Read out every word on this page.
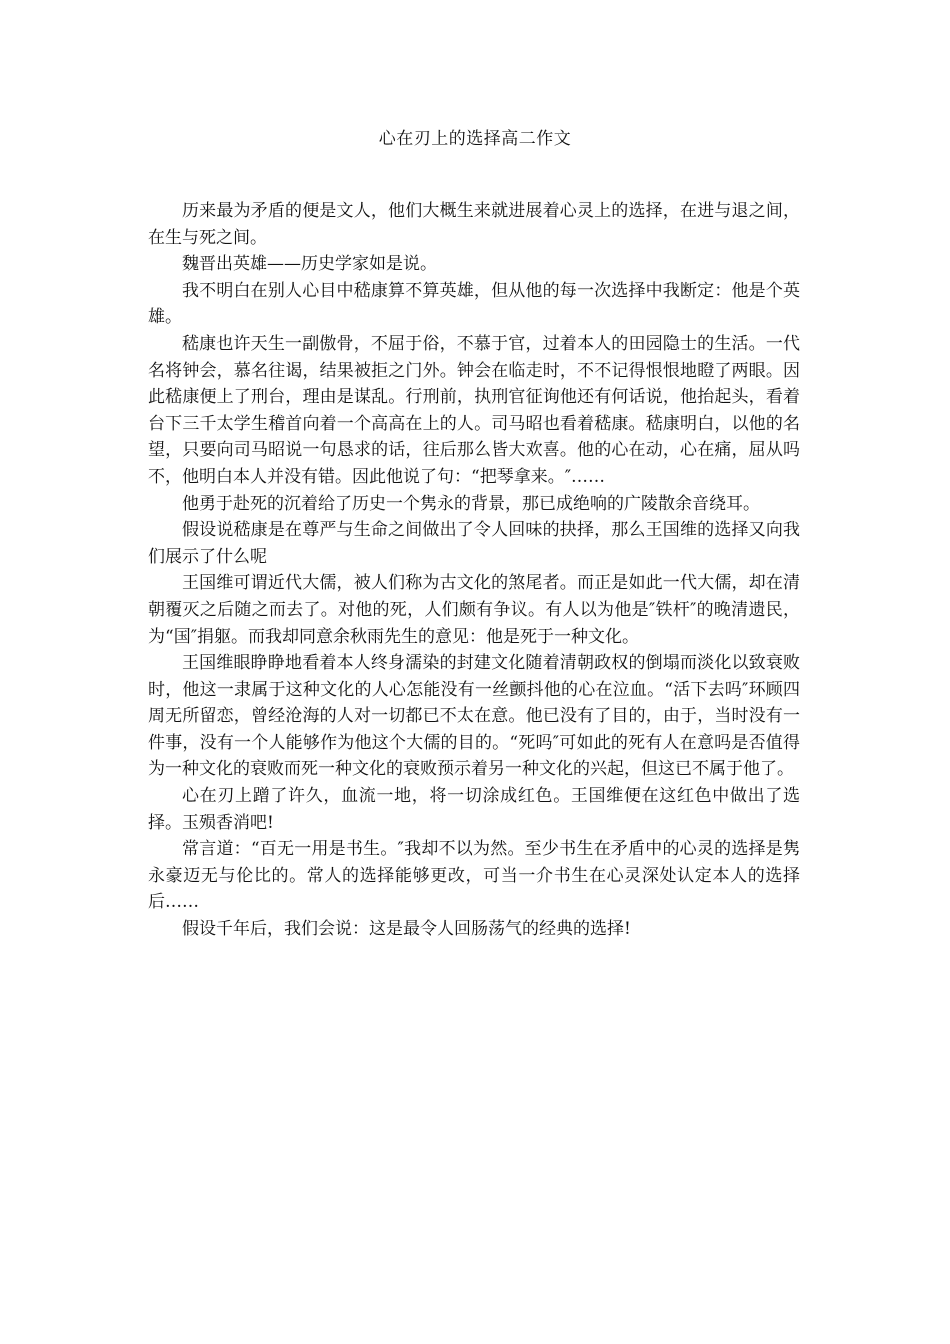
心在刃上的选择高二作文

历来最为矛盾的便是文人，他们大概生来就进展着心灵上的选择，在进与退之间，在生与死之间。

魏晋出英雄——历史学家如是说。

我不明白在别人心目中嵇康算不算英雄，但从他的每一次选择中我断定：他是个英雄。

嵇康也许天生一副傲骨，不屈于俗，不慕于官，过着本人的田园隐士的生活。一代名将钟会，慕名往谒，结果被拒之门外。钟会在临走时，不不记得恨恨地瞪了两眼。因此嵇康便上了刑台，理由是谋乱。行刑前，执刑官征询他还有何话说，他抬起头，看着台下三千太学生稽首向着一个高高在上的人。司马昭也看着嵇康。嵇康明白，以他的名望，只要向司马昭说一句恳求的话，往后那么皆大欢喜。他的心在动，心在痛，屈从吗不，他明白本人并没有错。因此他说了句：“把琴拿来。″……

他勇于赴死的沉着给了历史一个隽永的背景，那已成绝响的广陵散余音绕耳。

假设说嵇康是在尊严与生命之间做出了令人回味的抉择，那么王国维的选择又向我们展示了什么呢

王国维可谓近代大儒，被人们称为古文化的煞尾者。而正是如此一代大儒，却在清朝覆灭之后随之而去了。对他的死，人们颇有争议。有人以为他是″铁杆″的晚清遗民，为“国″捐躯。而我却同意余秋雨先生的意见：他是死于一种文化。

王国维眼睁睁地看着本人终身濡染的封建文化随着清朝政权的倒塌而淡化以致衰败时，他这一隶属于这种文化的人心怎能没有一丝颤抖他的心在泣血。“活下去吗″环顾四周无所留恋，曾经沧海的人对一切都已不太在意。他已没有了目的，由于，当时没有一件事，没有一个人能够作为他这个大儒的目的。“死吗″可如此的死有人在意吗是否值得为一种文化的衰败而死一种文化的衰败预示着另一种文化的兴起，但这已不属于他了。

心在刃上蹭了许久，血流一地，将一切涂成红色。王国维便在这红色中做出了选择。玉殒香消吧!

常言道：“百无一用是书生。″我却不以为然。至少书生在矛盾中的心灵的选择是隽永豪迈无与伦比的。常人的选择能够更改，可当一介书生在心灵深处认定本人的选择后……

假设千年后，我们会说：这是最令人回肠荡气的经典的选择!
